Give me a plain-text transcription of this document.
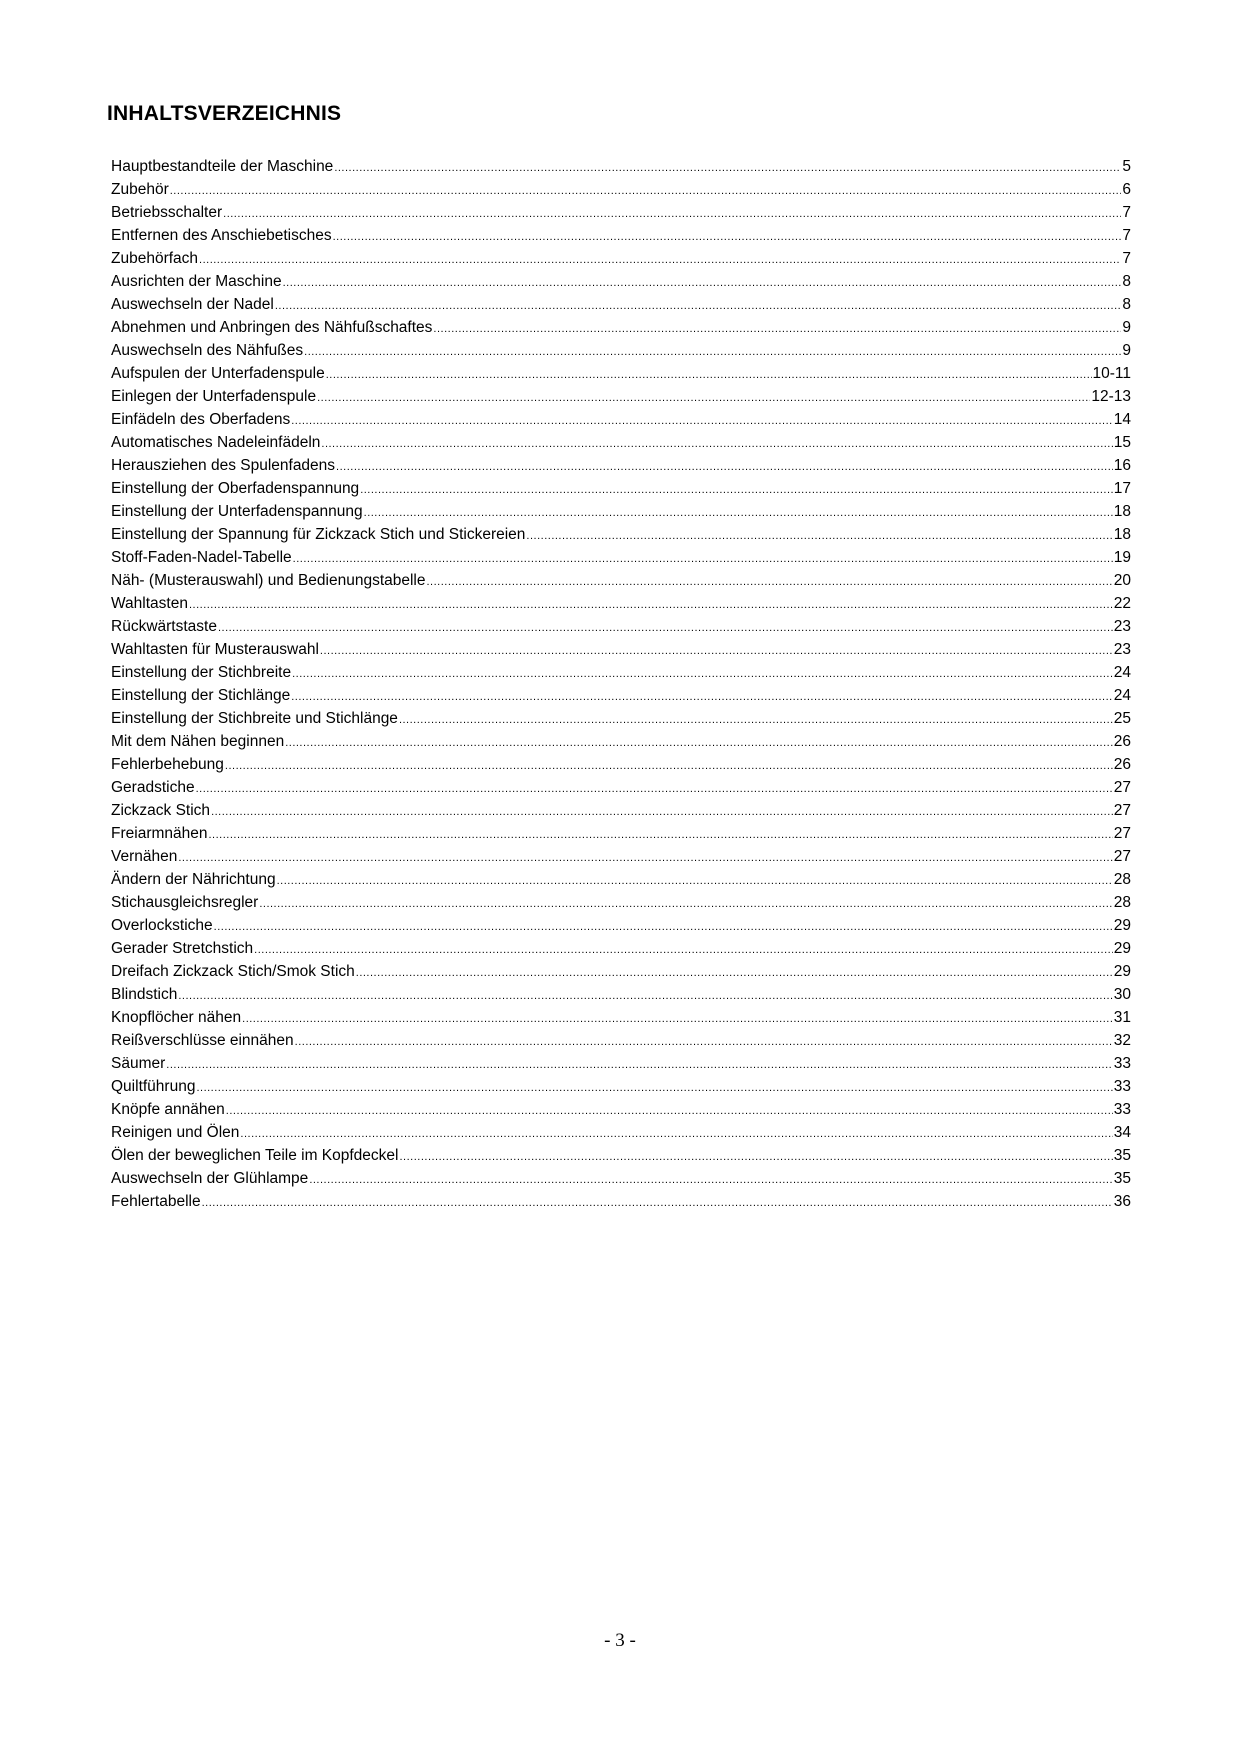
INHALTSVERZEICHNIS
Hauptbestandteile der Maschine .....	5
Zubehör .....	6
Betriebsschalter .....	7
Entfernen des Anschiebetisches .....	7
Zubehörfach .....	7
Ausrichten der Maschine .....	8
Auswechseln der Nadel .....	8
Abnehmen und Anbringen des Nähfußschaftes .....	9
Auswechseln des Nähfußes .....	9
Aufspulen der Unterfadenspule .....	10-11
Einlegen der Unterfadenspule .....	12-13
Einfädeln des Oberfadens .....	14
Automatisches Nadeleinfädeln .....	15
Herausziehen des Spulenfadens .....	16
Einstellung der Oberfadenspannung .....	17
Einstellung der Unterfadenspannung .....	18
Einstellung der Spannung für Zickzack Stich und Stickereien .....	18
Stoff-Faden-Nadel-Tabelle .....	19
Näh- (Musterauswahl) und Bedienungstabelle .....	20
Wahltasten .....	22
Rückwärtstaste .....	23
Wahltasten für Musterauswahl .....	23
Einstellung der Stichbreite .....	24
Einstellung der Stichlänge .....	24
Einstellung der Stichbreite und Stichlänge .....	25
Mit dem Nähen beginnen .....	26
Fehlerbehebung .....	26
Geradstiche .....	27
Zickzack Stich .....	27
Freiarmnähen .....	27
Vernähen .....	27
Ändern der Nährichtung .....	28
Stichausgleichsregler .....	28
Overlockstiche .....	29
Gerader Stretchstich .....	29
Dreifach Zickzack Stich/Smok Stich .....	29
Blindstich .....	30
Knopflöcher nähen .....	31
Reißverschlüsse einnähen .....	32
Säumer .....	33
Quiltführung .....	33
Knöpfe annähen .....	33
Reinigen und Ölen .....	34
Ölen der beweglichen Teile im Kopfdeckel .....	35
Auswechseln der Glühlampe .....	35
Fehlertabelle .....	36
- 3 -
